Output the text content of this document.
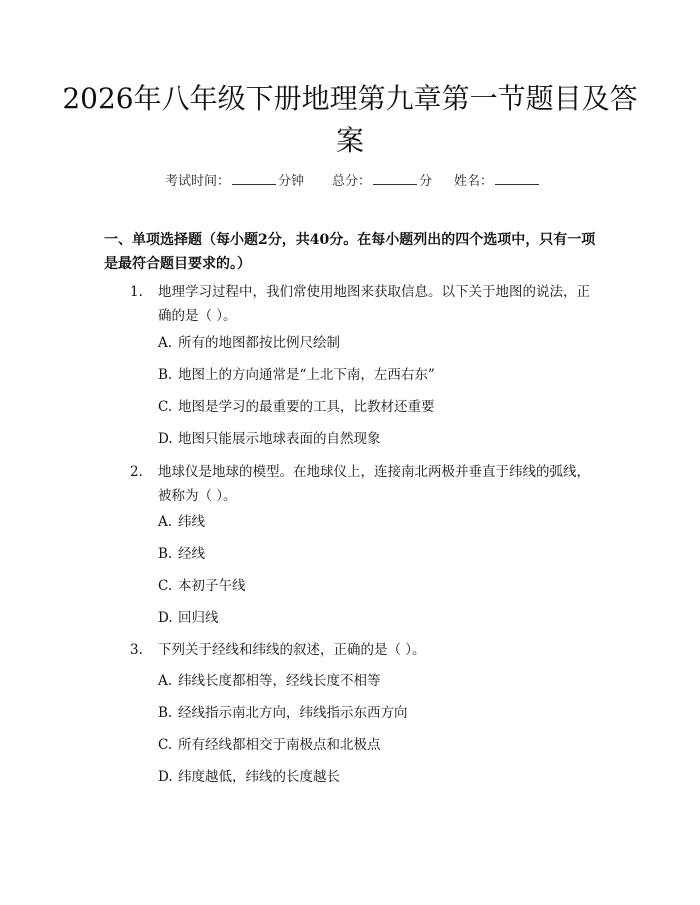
2026年八年级下册地理第九章第一节题目及答案
考试时间：	分钟 总分：	分 姓名：
一、单项选择题（每小题2分，共40分。在每小题列出的四个选项中，只有一项是最符合题目要求的。）
1.	地理学习过程中，我们常使用地图来获取信息。以下关于地图的说法，正确的是（ ）。
A. 所有的地图都按比例尺绘制
B. 地图上的方向通常是“上北下南，左西右东”
C. 地图是学习的最重要的工具，比教材还重要
D. 地图只能展示地球表面的自然现象
2.	地球仪是地球的模型。在地球仪上，连接南北两极并垂直于纬线的弧线，被称为（ ）。
A. 纬线
B. 经线
C. 本初子午线
D. 回归线
3.	下列关于经线和纬线的叙述，正确的是（ ）。
A. 纬线长度都相等，经线长度不相等
B. 经线指示南北方向，纬线指示东西方向
C. 所有经线都相交于南极点和北极点
D. 纬度越低，纬线的长度越长
